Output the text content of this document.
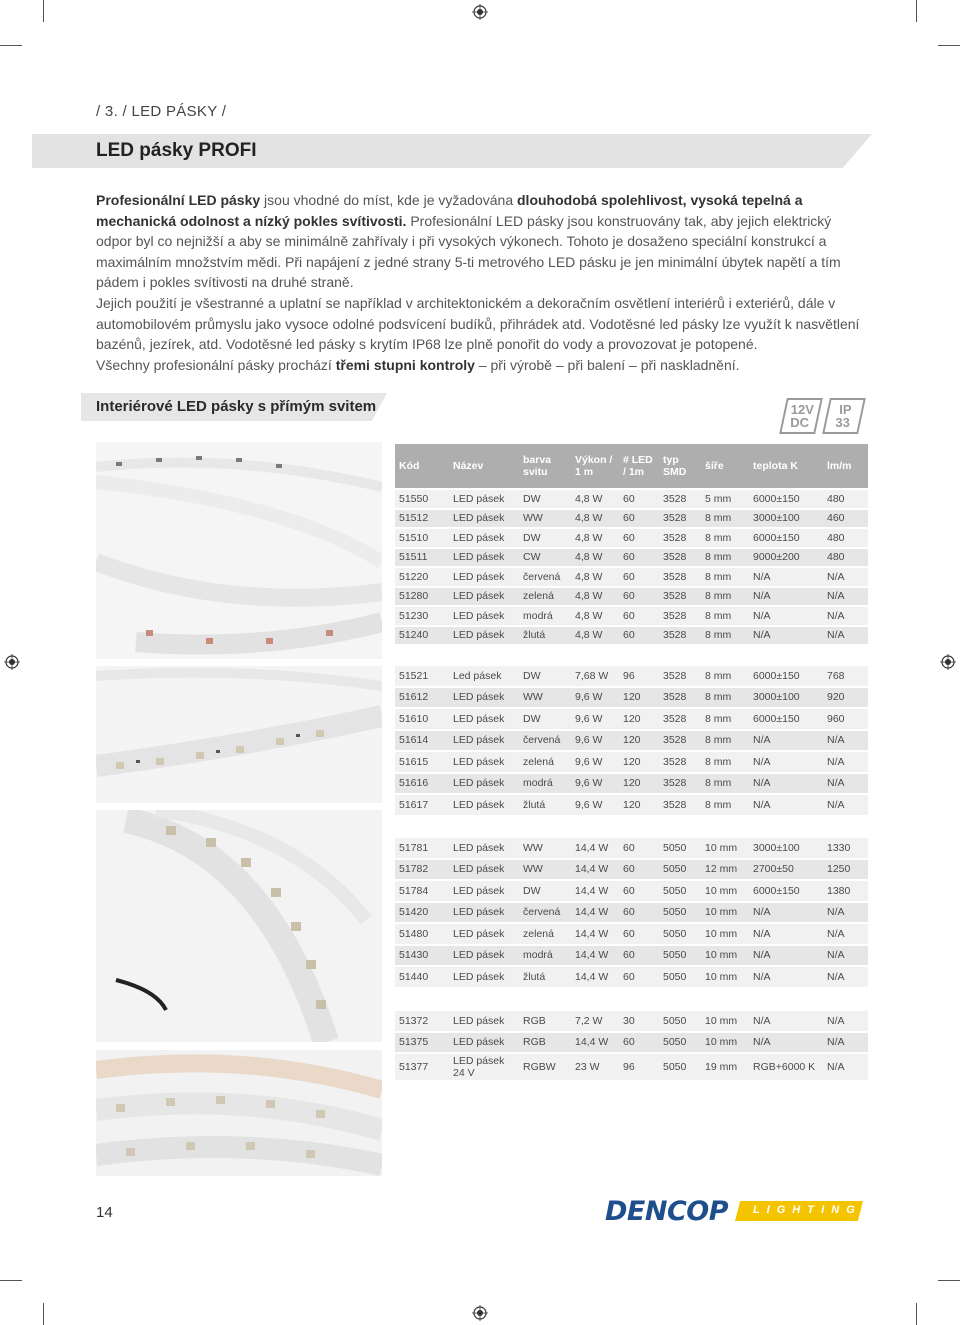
/ 3. / LED PÁSKY /
LED pásky PROFI
Profesionální LED pásky jsou vhodné do míst, kde je vyžadována dlouhodobá spolehlivost, vysoká tepelná a mechanická odolnost a nízký pokles svítivosti. Profesionální LED pásky jsou konstruovány tak, aby jejich elektrický odpor byl co nejnižší a aby se minimálně zahřívaly i při vysokých výkonech. Tohoto je dosaženo speciální konstrukcí a maximálním množstvím mědi. Při napájení z jedné strany 5-ti metrového LED pásku je jen minimální úbytek napětí a tím pádem i pokles svítivosti na druhé straně.
Jejich použití je všestranné a uplatní se například v architektonickém a dekoračním osvětlení interiérů i exteriérů, dále v automobilovém průmyslu jako vysoce odolné podsvícení budíků, přihrádek atd. Vodotěsné led pásky lze využít k nasvětlení bazénů, jezírek, atd. Vodotěsné led pásky s krytím IP68 lze plně ponořit do vody a provozovat je potopené.
Všechny profesionální pásky prochází třemi stupni kontroly – při výrobě – při balení – při naskladnění.
Interiérové LED pásky s přímým svitem	12V
DC
IP
33
Kód	Název	barva svitu	Výkon / 1 m	# LED / 1m	typ SMD	šíře	teplota K	lm/m
51550	LED pásek	DW	4,8 W	60	3528	5 mm	6000±150	480
51512	LED pásek	WW	4,8 W	60	3528	8 mm	3000±100	460
51510	LED pásek	DW	4,8 W	60	3528	8 mm	6000±150	480
51511	LED pásek	CW	4,8 W	60	3528	8 mm	9000±200	480
51220	LED pásek	červená	4,8 W	60	3528	8 mm	N/A	N/A
51280	LED pásek	zelená	4,8 W	60	3528	8 mm	N/A	N/A
51230	LED pásek	modrá	4,8 W	60	3528	8 mm	N/A	N/A
51240	LED pásek	žlutá	4,8 W	60	3528	8 mm	N/A	N/A
51521	Led pásek	DW	7,68 W	96	3528	8 mm	6000±150	768
51612	LED pásek	WW	9,6 W	120	3528	8 mm	3000±100	920
51610	LED pásek	DW	9,6 W	120	3528	8 mm	6000±150	960
51614	LED pásek	červená	9,6 W	120	3528	8 mm	N/A	N/A
51615	LED pásek	zelená	9,6 W	120	3528	8 mm	N/A	N/A
51616	LED pásek	modrá	9,6 W	120	3528	8 mm	N/A	N/A
51617	LED pásek	žlutá	9,6 W	120	3528	8 mm	N/A	N/A
51781	LED pásek	WW	14,4 W	60	5050	10 mm	3000±100	1330
51782	LED pásek	WW	14,4 W	60	5050	12 mm	2700±50	1250
51784	LED pásek	DW	14,4 W	60	5050	10 mm	6000±150	1380
51420	LED pásek	červená	14,4 W	60	5050	10 mm	N/A	N/A
51480	LED pásek	zelená	14,4 W	60	5050	10 mm	N/A	N/A
51430	LED pásek	modrá	14,4 W	60	5050	10 mm	N/A	N/A
51440	LED pásek	žlutá	14,4 W	60	5050	10 mm	N/A	N/A
51372	LED pásek	RGB	7,2 W	30	5050	10 mm	N/A	N/A
51375	LED pásek	RGB	14,4 W	60	5050	10 mm	N/A	N/A
51377	LED pásek 24 V	RGBW	23 W	96	5050	19 mm	RGB+6000 K	N/A
14	DENCOP L I G H T I N G
